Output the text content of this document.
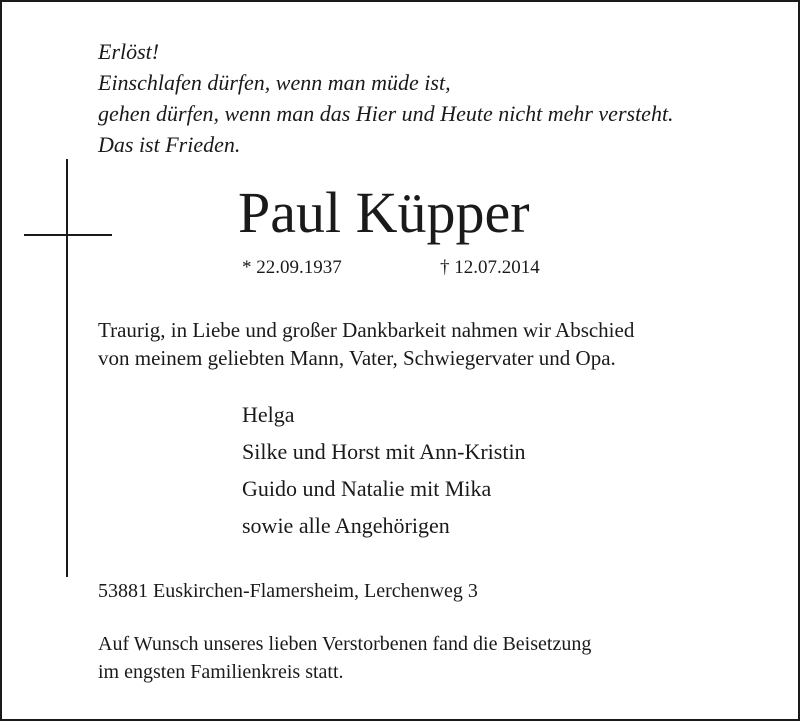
Erlöst!
Einschlafen dürfen, wenn man müde ist,
gehen dürfen, wenn man das Hier und Heute nicht mehr versteht.
Das ist Frieden.

Paul Küpper
* 22.09.1937	† 12.07.2014

Traurig, in Liebe und großer Dankbarkeit nahmen wir Abschied
von meinem geliebten Mann, Vater, Schwiegervater und Opa.

Helga
Silke und Horst mit Ann-Kristin
Guido und Natalie mit Mika
sowie alle Angehörigen
53881 Euskirchen-Flamersheim, Lerchenweg 3

Auf Wunsch unseres lieben Verstorbenen fand die Beisetzung
im engsten Familienkreis statt.
